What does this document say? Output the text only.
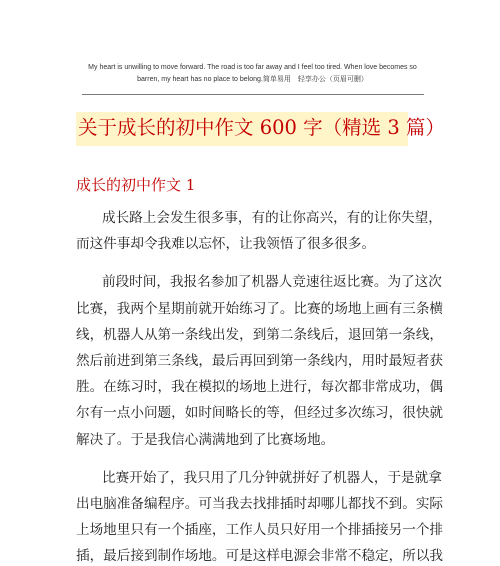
My heart is unwilling to move forward. The road is too far away and I feel too tired. When love becomes so
barren, my heart has no place to belong.简单易用　轻享办公（页眉可删）
关于成长的初中作文 600 字（精选 3 篇）
成长的初中作文 1

成长路上会发生很多事，有的让你高兴，有的让你失望，
而这件事却令我难以忘怀，让我领悟了很多很多。

前段时间，我报名参加了机器人竞速往返比赛。为了这次
比赛，我两个星期前就开始练习了。比赛的场地上画有三条横
线，机器人从第一条线出发，到第二条线后，退回第一条线，
然后前进到第三条线，最后再回到第一条线内，用时最短者获
胜。在练习时，我在模拟的场地上进行，每次都非常成功，偶
尔有一点小问题，如时间略长的等，但经过多次练习，很快就
解决了。于是我信心满满地到了比赛场地。

比赛开始了，我只用了几分钟就拼好了机器人，于是就拿
出电脑准备编程序。可当我去找排插时却哪儿都找不到。实际
上场地里只有一个插座，工作人员只好用一个排插接另一个排
插，最后接到制作场地。可是这样电源会非常不稳定，所以我
